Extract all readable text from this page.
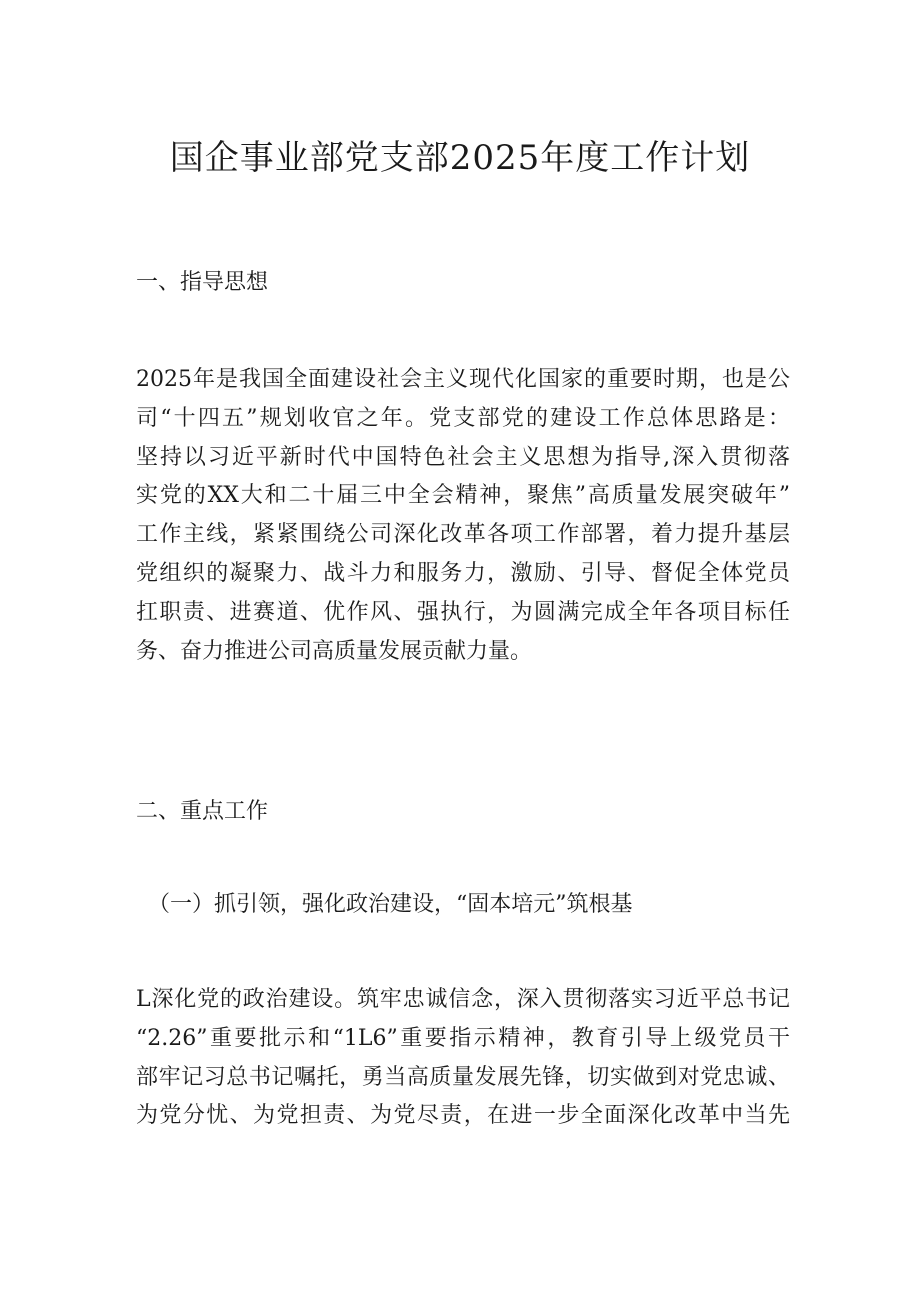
国企事业部党支部2025年度工作计划
一、指导思想
2025年是我国全面建设社会主义现代化国家的重要时期，也是公
司“十四五”规划收官之年。党支部党的建设工作总体思路是：
坚持以习近平新时代中国特色社会主义思想为指导,深入贯彻落
实党的XX大和二十届三中全会精神，聚焦”高质量发展突破年”
工作主线，紧紧围绕公司深化改革各项工作部署，着力提升基层
党组织的凝聚力、战斗力和服务力，激励、引导、督促全体党员
扛职责、进赛道、优作风、强执行，为圆满完成全年各项目标任
务、奋力推进公司高质量发展贡献力量。
二、重点工作
（一）抓引领，强化政治建设，“固本培元”筑根基
L深化党的政治建设。筑牢忠诚信念，深入贯彻落实习近平总书记
“2.26”重要批示和“1L6”重要指示精神，教育引导上级党员干
部牢记习总书记嘱托，勇当高质量发展先锋，切实做到对党忠诚、
为党分忧、为党担责、为党尽责，在进一步全面深化改革中当先
